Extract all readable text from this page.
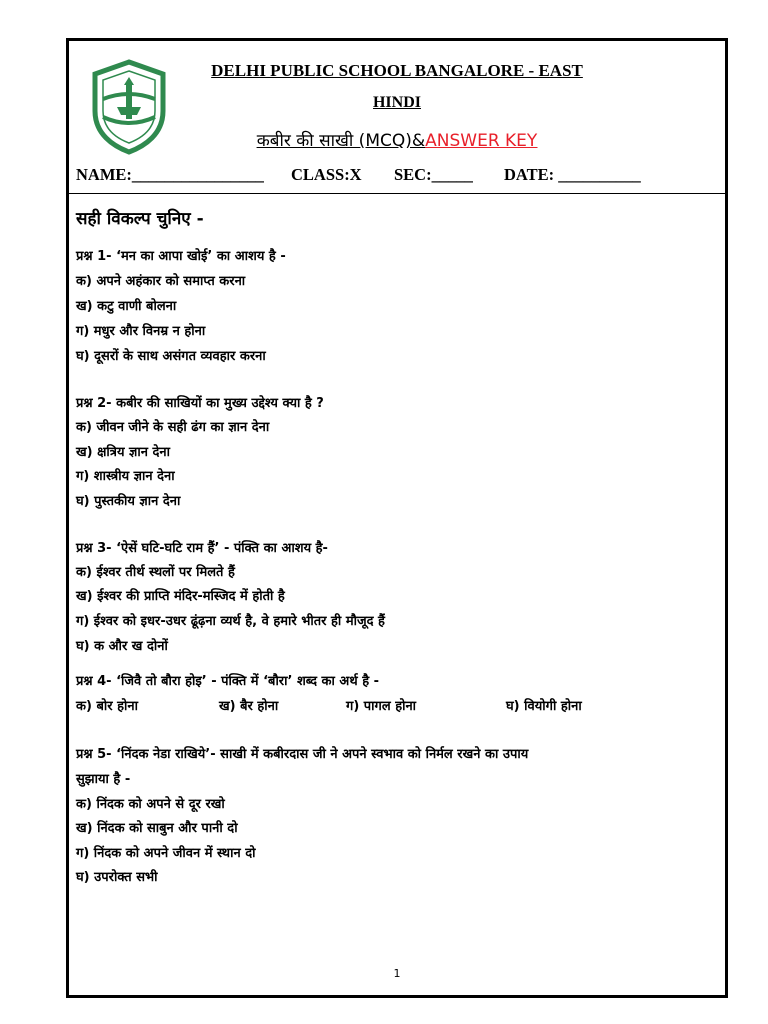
DELHI PUBLIC SCHOOL BANGALORE - EAST
HINDI
कबीर की साखी (MCQ)&ANSWER KEY

NAME:________________

CLASS:X

SEC:_____

DATE: __________

सही विकल्प चुनिए -
प्रश्न 1- ‘मन का आपा खोई’ का आशय है -
क) अपने अहंकार को समाप्त करना
ख) कटु वाणी बोलना
ग) मधुर और विनम्र न होना
घ) दूसरों के साथ असंगत व्यवहार करना
प्रश्न 2- कबीर की साखियों का मुख्य उद्देश्य क्या है ?
क) जीवन जीने के सही ढंग का ज्ञान देना
ख) क्षत्रिय ज्ञान देना
ग) शास्त्रीय ज्ञान देना
घ) पुस्तकीय ज्ञान देना
प्रश्न 3- ‘ऐसें घटि-घटि राम हैं’ - पंक्ति का आशय है-
क) ईश्वर तीर्थ स्थलों पर मिलते हैं
ख) ईश्वर की प्राप्ति मंदिर-मस्जिद में होती है
ग) ईश्वर को इधर-उधर ढूंढ़ना व्यर्थ है, वे हमारे भीतर ही मौजूद हैं
घ) क और ख दोनों
प्रश्न 4- ‘जिवै तो बौरा होइ’ - पंक्ति में ‘बौरा’ शब्द का अर्थ है -
क) बोर होना	ख) बैर होना	ग) पागल होना	घ) वियोगी होना
प्रश्न 5- ‘निंदक नेडा राखिये’- साखी में कबीरदास जी ने अपने स्वभाव को निर्मल रखने का उपाय
सुझाया है -
क) निंदक को अपने से दूर रखो
ख) निंदक को साबुन और पानी दो
ग) निंदक को अपने जीवन में स्थान दो
घ) उपरोक्त सभी
1
